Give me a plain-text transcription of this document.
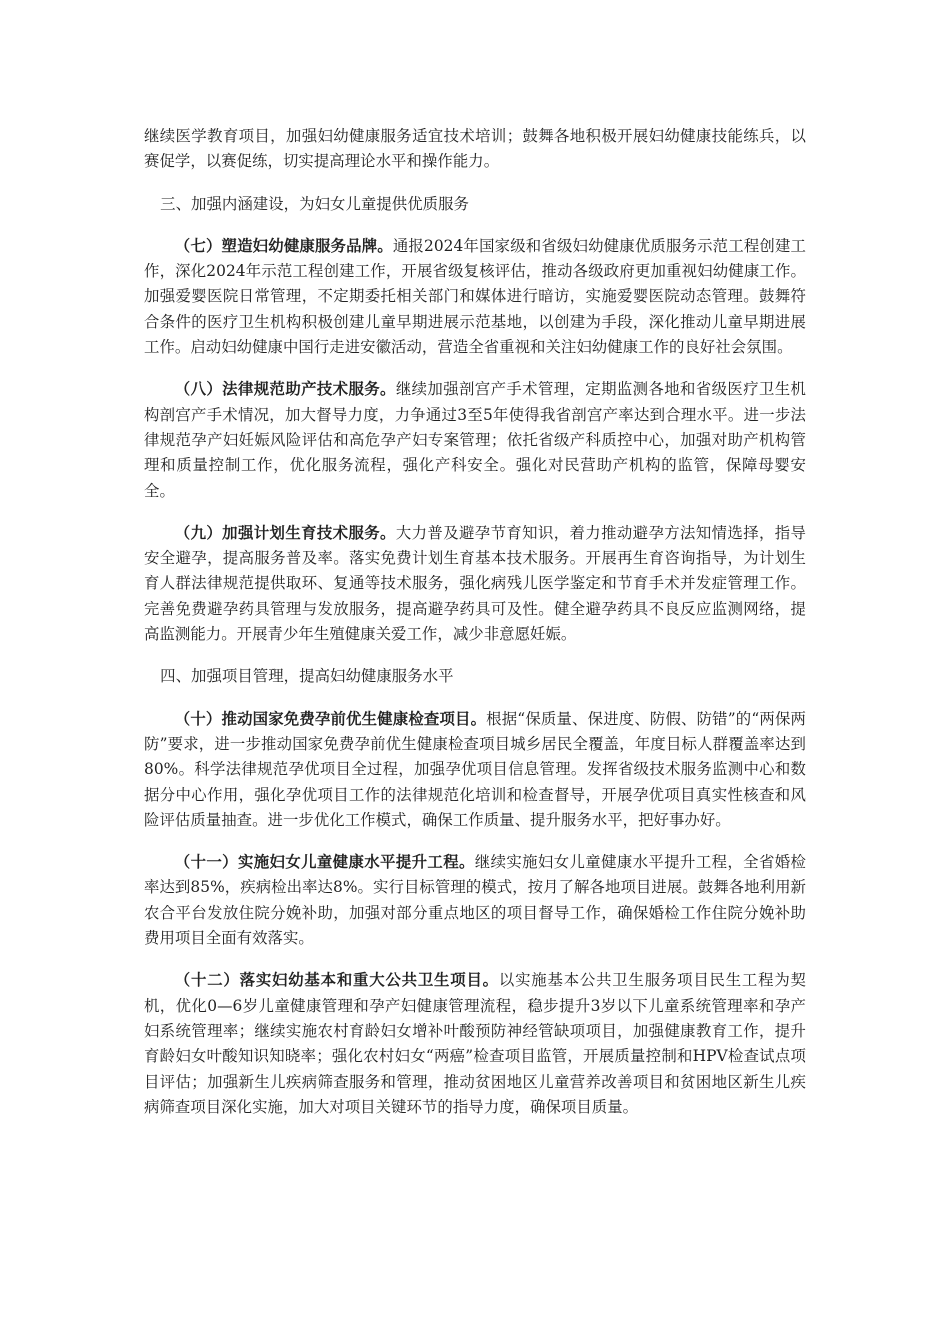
继续医学教育项目，加强妇幼健康服务适宜技术培训；鼓舞各地积极开展妇幼健康技能练兵，以赛促学，以赛促练，切实提高理论水平和操作能力。

三、加强内涵建设，为妇女儿童提供优质服务

（七）塑造妇幼健康服务品牌。通报2024年国家级和省级妇幼健康优质服务示范工程创建工作，深化2024年示范工程创建工作，开展省级复核评估，推动各级政府更加重视妇幼健康工作。加强爱婴医院日常管理，不定期委托相关部门和媒体进行暗访，实施爱婴医院动态管理。鼓舞符合条件的医疗卫生机构积极创建儿童早期进展示范基地，以创建为手段，深化推动儿童早期进展工作。启动妇幼健康中国行走进安徽活动，营造全省重视和关注妇幼健康工作的良好社会氛围。

（八）法律规范助产技术服务。继续加强剖宫产手术管理，定期监测各地和省级医疗卫生机构剖宫产手术情况，加大督导力度，力争通过3至5年使得我省剖宫产率达到合理水平。进一步法律规范孕产妇妊娠风险评估和高危孕产妇专案管理；依托省级产科质控中心，加强对助产机构管理和质量控制工作，优化服务流程，强化产科安全。强化对民营助产机构的监管，保障母婴安全。

（九）加强计划生育技术服务。大力普及避孕节育知识，着力推动避孕方法知情选择，指导安全避孕，提高服务普及率。落实免费计划生育基本技术服务。开展再生育咨询指导，为计划生育人群法律规范提供取环、复通等技术服务，强化病残儿医学鉴定和节育手术并发症管理工作。完善免费避孕药具管理与发放服务，提高避孕药具可及性。健全避孕药具不良反应监测网络，提高监测能力。开展青少年生殖健康关爱工作，减少非意愿妊娠。

四、加强项目管理，提高妇幼健康服务水平

（十）推动国家免费孕前优生健康检查项目。根据“保质量、保进度、防假、防错”的“两保两防”要求，进一步推动国家免费孕前优生健康检查项目城乡居民全覆盖，年度目标人群覆盖率达到80%。科学法律规范孕优项目全过程，加强孕优项目信息管理。发挥省级技术服务监测中心和数据分中心作用，强化孕优项目工作的法律规范化培训和检查督导，开展孕优项目真实性核查和风险评估质量抽查。进一步优化工作模式，确保工作质量、提升服务水平，把好事办好。

（十一）实施妇女儿童健康水平提升工程。继续实施妇女儿童健康水平提升工程，全省婚检率达到85%，疾病检出率达8%。实行目标管理的模式，按月了解各地项目进展。鼓舞各地利用新农合平台发放住院分娩补助，加强对部分重点地区的项目督导工作，确保婚检工作住院分娩补助费用项目全面有效落实。

（十二）落实妇幼基本和重大公共卫生项目。以实施基本公共卫生服务项目民生工程为契机，优化0—6岁儿童健康管理和孕产妇健康管理流程，稳步提升3岁以下儿童系统管理率和孕产妇系统管理率；继续实施农村育龄妇女增补叶酸预防神经管缺项项目，加强健康教育工作，提升育龄妇女叶酸知识知晓率；强化农村妇女“两癌”检查项目监管，开展质量控制和HPV检查试点项目评估；加强新生儿疾病筛查服务和管理，推动贫困地区儿童营养改善项目和贫困地区新生儿疾病筛查项目深化实施，加大对项目关键环节的指导力度，确保项目质量。
